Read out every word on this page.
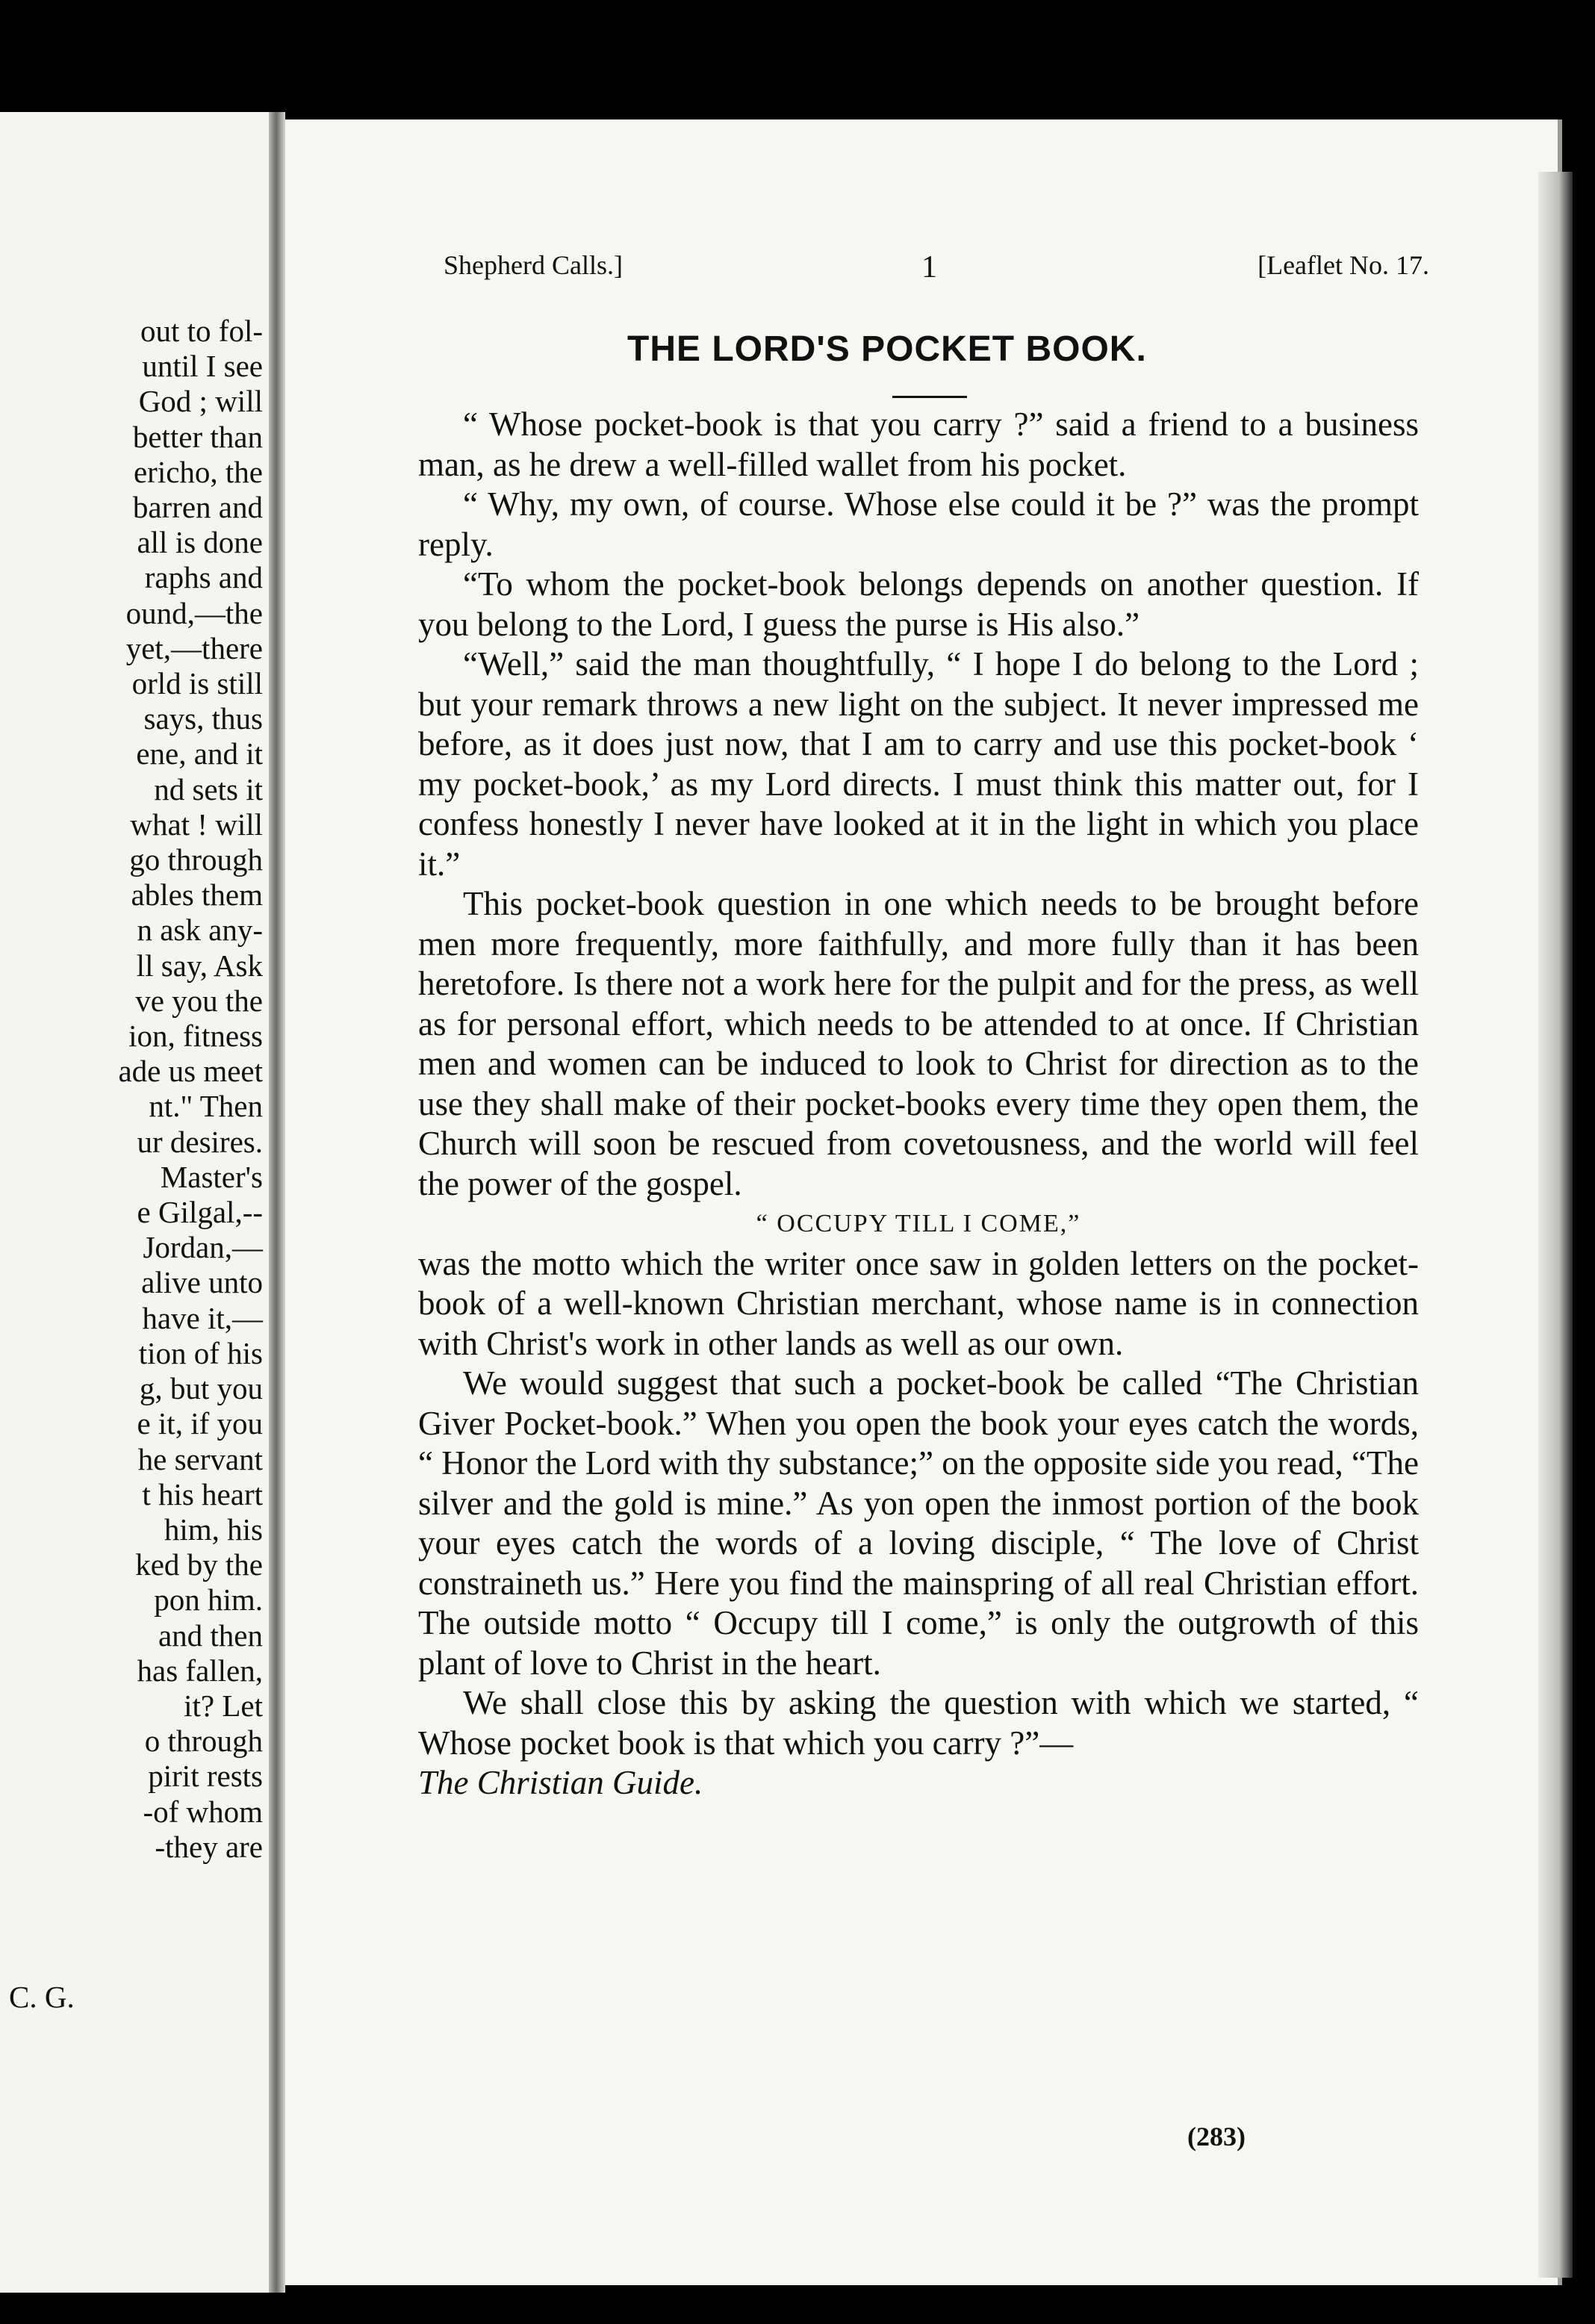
out to fol-
until I see
God ; will
better than
ericho, the
barren and
all is done
raphs and
ound,—the
yet,—there
orld is still
says, thus
ene, and it
nd sets it
what ! will
go through
ables them
n ask any-
ll say, Ask
ve you the
ion, fitness
ade us meet
nt." Then
ur desires.
Master's
e Gilgal,--
Jordan,—
alive unto
have it,—
tion of his
g, but you
e it, if you
he servant
t his heart
him, his
ked by the
pon him.
and then
has fallen,
it? Let
o through
pirit rests
-of whom
-they are
C. G.
Shepherd Calls.]	1	[Leaflet No. 17.
THE LORD'S POCKET BOOK.

“ Whose pocket-book is that you carry ?” said a friend to a business man, as he drew a well-filled wallet from his pocket.

“ Why, my own, of course. Whose else could it be ?” was the prompt reply.

“To whom the pocket-book belongs depends on another question. If you belong to the Lord, I guess the purse is His also.”

“Well,” said the man thoughtfully, “ I hope I do belong to the Lord ; but your remark throws a new light on the subject. It never impressed me before, as it does just now, that I am to carry and use this pocket-book ‘ my pocket-book,’ as my Lord directs. I must think this matter out, for I confess honestly I never have looked at it in the light in which you place it.”

This pocket-book question in one which needs to be brought before men more frequently, more faithfully, and more fully than it has been heretofore. Is there not a work here for the pulpit and for the press, as well as for personal effort, which needs to be attended to at once. If Christian men and women can be induced to look to Christ for direction as to the use they shall make of their pocket-books every time they open them, the Church will soon be rescued from covetousness, and the world will feel the power of the gospel.

“ OCCUPY TILL I COME,”

was the motto which the writer once saw in golden letters on the pocket-book of a well-known Christian merchant, whose name is in connection with Christ's work in other lands as well as our own.

We would suggest that such a pocket-book be called “The Christian Giver Pocket-book.” When you open the book your eyes catch the words, “ Honor the Lord with thy substance;” on the opposite side you read, “The silver and the gold is mine.” As yon open the inmost portion of the book your eyes catch the words of a loving disciple, “ The love of Christ constraineth us.” Here you find the mainspring of all real Christian effort. The outside motto “ Occupy till I come,” is only the outgrowth of this plant of love to Christ in the heart.

We shall close this by asking the question with which we started, “ Whose pocket book is that which you carry ?”—

The Christian Guide.

(283)
